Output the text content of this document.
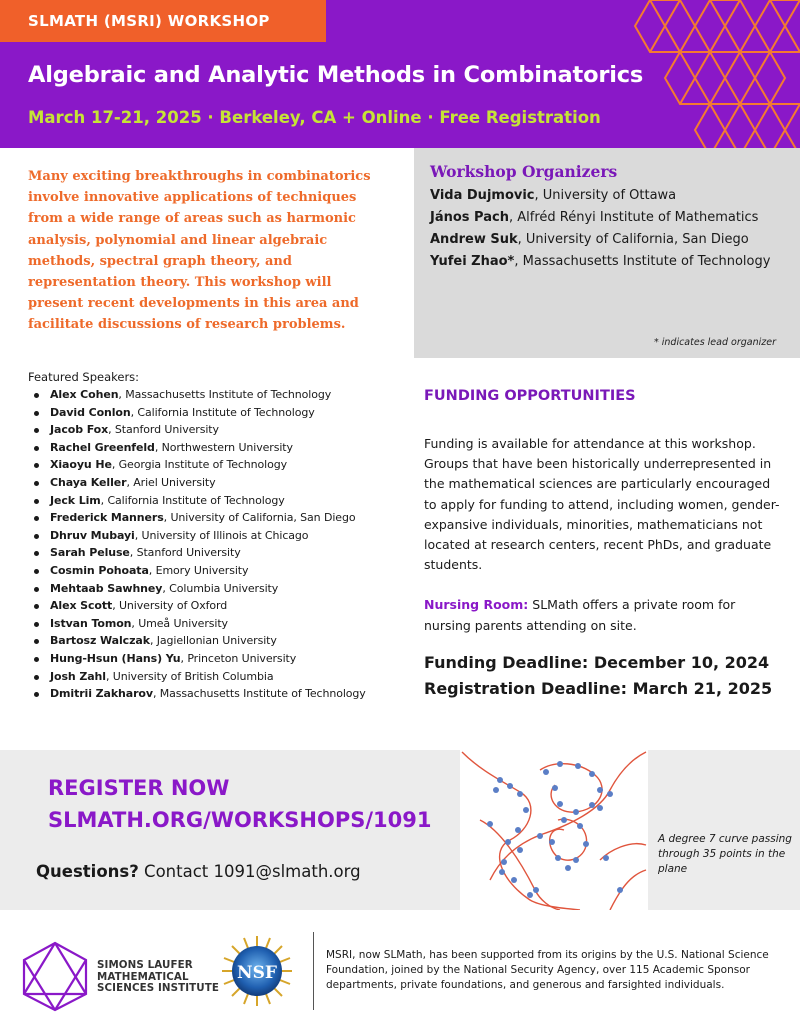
SLMATH (MSRI) WORKSHOP
Algebraic and Analytic Methods in Combinatorics
March 17-21, 2025 · Berkeley, CA + Online · Free Registration
Many exciting breakthroughs in combinatorics involve innovative applications of techniques from a wide range of areas such as harmonic analysis, polynomial and linear algebraic methods, spectral graph theory, and representation theory. This workshop will present recent developments in this area and facilitate discussions of research problems.
Workshop Organizers
Vida Dujmovic, University of Ottawa
János Pach, Alfréd Rényi Institute of Mathematics
Andrew Suk, University of California, San Diego
Yufei Zhao*, Massachusetts Institute of Technology
* indicates lead organizer
Featured Speakers:
Alex Cohen, Massachusetts Institute of Technology
David Conlon, California Institute of Technology
Jacob Fox, Stanford University
Rachel Greenfeld, Northwestern University
Xiaoyu He, Georgia Institute of Technology
Chaya Keller, Ariel University
Jeck Lim, California Institute of Technology
Frederick Manners, University of California, San Diego
Dhruv Mubayi, University of Illinois at Chicago
Sarah Peluse, Stanford University
Cosmin Pohoata, Emory University
Mehtaab Sawhney, Columbia University
Alex Scott, University of Oxford
Istvan Tomon, Umeå University
Bartosz Walczak, Jagiellonian University
Hung-Hsun (Hans) Yu, Princeton University
Josh Zahl, University of British Columbia
Dmitrii Zakharov, Massachusetts Institute of Technology
FUNDING OPPORTUNITIES
Funding is available for attendance at this workshop. Groups that have been historically underrepresented in the mathematical sciences are particularly encouraged to apply for funding to attend, including women, gender-expansive individuals, minorities, mathematicians not located at research centers, recent PhDs, and graduate students.
Nursing Room: SLMath offers a private room for nursing parents attending on site.
Funding Deadline: December 10, 2024
Registration Deadline: March 21, 2025
REGISTER NOW
SLMATH.ORG/WORKSHOPS/1091
Questions? Contact 1091@slmath.org
A degree 7 curve passing through 35 points in the plane
SIMONS LAUFER
MATHEMATICAL
SCIENCES INSTITUTE
NSF
MSRI, now SLMath, has been supported from its origins by the U.S. National Science Foundation, joined by the National Security Agency, over 115 Academic Sponsor departments, private foundations, and generous and farsighted individuals.
